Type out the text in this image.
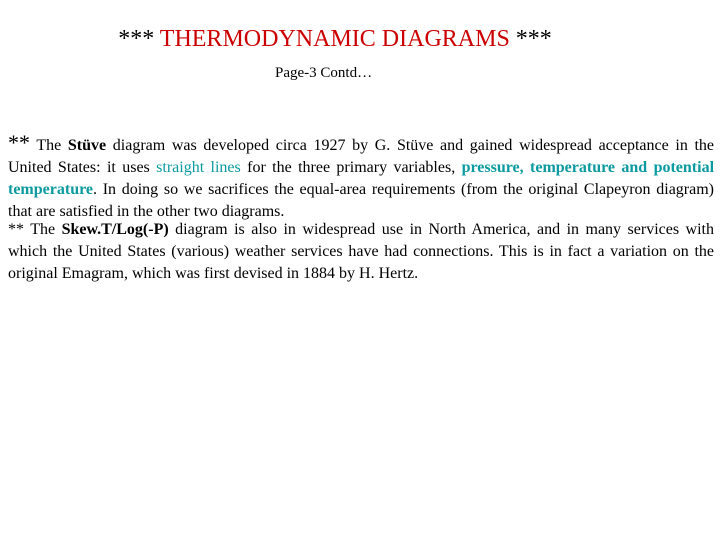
*** THERMODYNAMIC DIAGRAMS ***
Page-3 Contd…
** The Stüve diagram was developed circa 1927 by G. Stüve and gained widespread acceptance in the United States: it uses straight lines for the three primary variables, pressure, temperature and potential temperature. In doing so we sacrifices the equal-area requirements (from the original Clapeyron diagram) that are satisfied in the other two diagrams.
** The Skew.T/Log(-P) diagram is also in widespread use in North America, and in many services with which the United States (various) weather services have had connections. This is in fact a variation on the original Emagram, which was first devised in 1884 by H. Hertz.
